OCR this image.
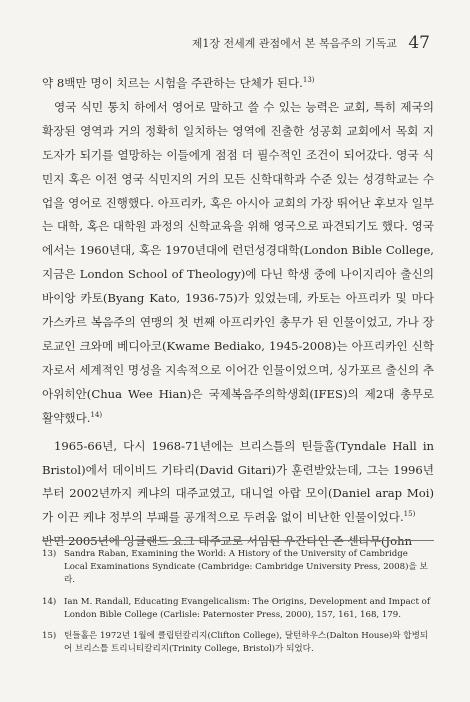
제1장 전세계 관점에서 본 복음주의 기독교 47

약 8백만 명이 치르는 시험을 주관하는 단체가 된다.$^{13)}$

영국 식민 통치 하에서 영어로 말하고 쓸 수 있는 능력은 교회, 특히 제국의 확장된 영역과 거의 정확히 일치하는 영역에 진출한 성공회 교회에서 목회 지도자가 되기를 열망하는 이들에게 점점 더 필수적인 조건이 되어갔다. 영국 식민지 혹은 이전 영국 식민지의 거의 모든 신학대학과 수준 있는 성경학교는 수업을 영어로 진행했다. 아프리카, 혹은 아시아 교회의 가장 뛰어난 후보자 일부는 대학, 혹은 대학원 과정의 신학교육을 위해 영국으로 파견되기도 했다. 영국에서는 1960년대, 혹은 1970년대에 런던성경대학(London Bible College, 지금은 London School of Theology)에 다닌 학생 중에 나이지리아 출신의 바이앙 카토(Byang Kato, 1936-75)가 있었는데, 카토는 아프리카 및 마다가스카르 복음주의 연맹의 첫 번째 아프리카인 총무가 된 인물이었고, 가나 장로교인 크와메 베디아코(Kwame Bediako, 1945-2008)는 아프리카인 신학자로서 세계적인 명성을 지속적으로 이어간 인물이었으며, 싱가포르 출신의 추아위히안(Chua Wee Hian)은 국제복음주의학생회(IFES)의 제2대 총무로 활약했다.$^{14)}$

1965-66년, 다시 1968-71년에는 브리스틀의 틴들홀(Tyndale Hall in Bristol)에서 데이비드 기타리(David Gitari)가 훈련받았는데, 그는 1996년부터 2002년까지 케냐의 대주교였고, 대니얼 아랍 모이(Daniel arap Moi)가 이끈 케냐 정부의 부패를 공개적으로 두려움 없이 비난한 인물이었다.$^{15)}$

반면 2005년에 잉글랜드 요크 대주교로 서임된 우간다인 존 센타무(John

13) Sandra Raban, Examining the World: A History of the University of Cambridge Local Examinations Syndicate (Cambridge: Cambridge University Press, 2008)을 보라.
14) Ian M. Randall, Educating Evangelicalism: The Origins, Development and Impact of London Bible College (Carlisle: Paternoster Press, 2000), 157, 161, 168, 179.
15) 틴들홀은 1972년 1월에 클립턴칼리지(Clifton College), 달턴하우스(Dalton House)와 합병되어 브리스틀 트리니티칼리지(Trinity College, Bristol)가 되었다.
